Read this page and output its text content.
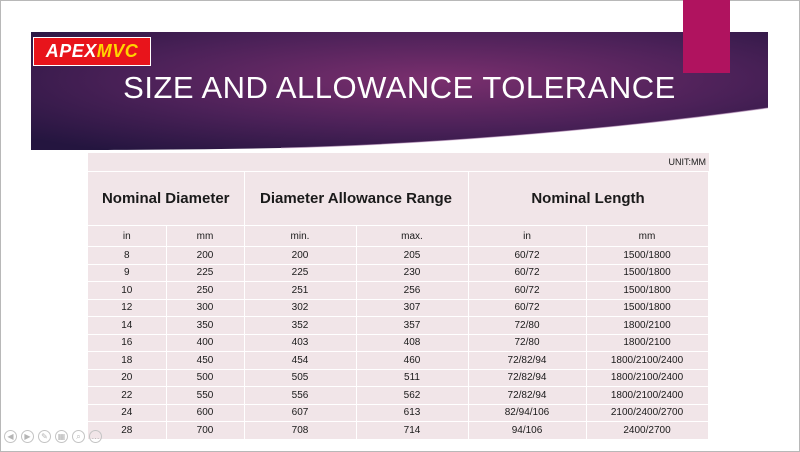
APEX MVC
SIZE AND ALLOWANCE TOLERANCE
UNIT:MM					
Nominal Diameter		Diameter Allowance Range		Nominal Length	
in	mm	min.	max.	in	mm
8	200	200	205	60/72	1500/1800
9	225	225	230	60/72	1500/1800
10	250	251	256	60/72	1500/1800
12	300	302	307	60/72	1500/1800
14	350	352	357	72/80	1800/2100
16	400	403	408	72/80	1800/2100
18	450	454	460	72/82/94	1800/2100/2400
20	500	505	511	72/82/94	1800/2100/2400
22	550	556	562	72/82/94	1800/2100/2400
24	600	607	613	82/94/106	2100/2400/2700
28	700	708	714	94/106	2400/2700
◀	▶	✎	▦	⌕	…
